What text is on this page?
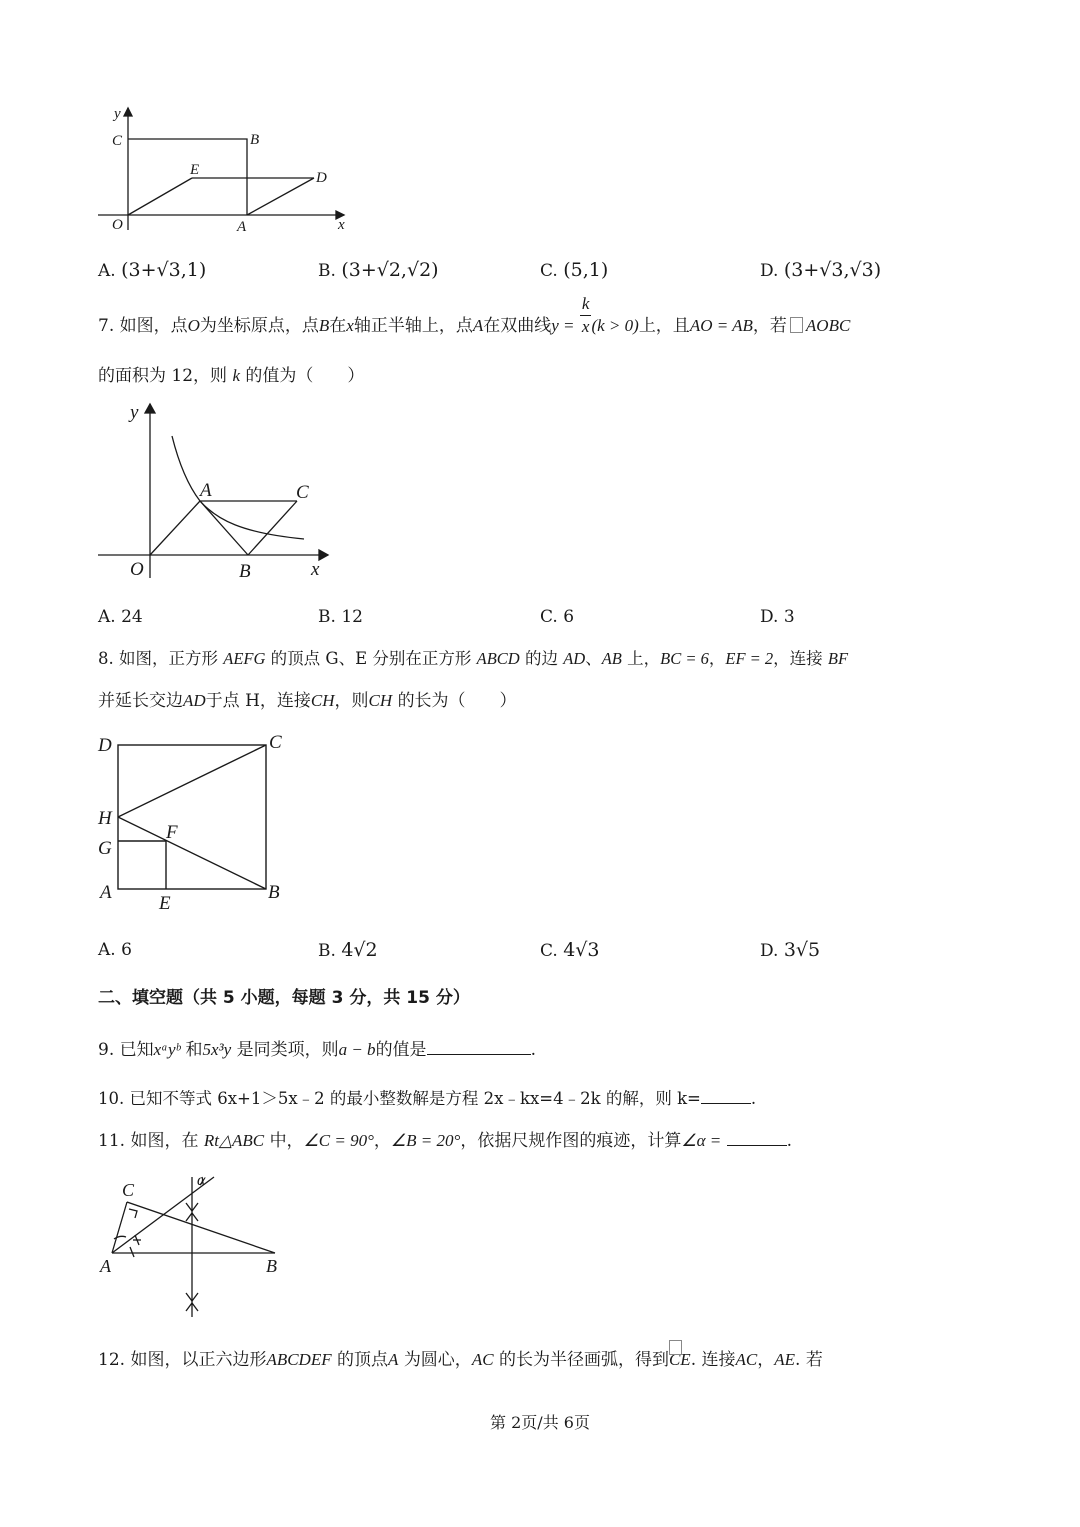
y
C	B
E	D
O	A	x
A. (3+√3,1)	B. (3+√2,√2)	C. (5,1)	D. (3+√3,√3)
7. 如图，点O为坐标原点，点B在x轴正半轴上，点A在双曲线$y = \frac{k}{x} (k > 0)$上，且AO = AB，若 AOBC
的面积为 12，则 k 的值为（　　）
y
A	C
O	B	x
A. 24	B. 12	C. 6	D. 3
8. 如图，正方形 AEFG 的顶点 G、E 分别在正方形 ABCD 的边 AD、AB 上，BC = 6，EF = 2，连接 BF
并延长交边AD于点 H，连接CH，则CH 的长为（　　）
D	C
H
F
G
A
E
B
A. 6	B. 4√2	C. 4√3	D. 3√5
二、填空题（共 5 小题，每题 3 分，共 15 分）
9. 已知xᵃyᵇ 和5x³y 是同类项，则a − b的值是	.
10. 已知不等式 6x+1＞5x﹣2 的最小整数解是方程 2x﹣kx=4﹣2k 的解，则 k=	.
11. 如图，在 Rt△ABC 中，∠C = 90°，∠B = 20°，依据尺规作图的痕迹，计算∠α =	.
C
A	B
α
12. 如图，以正六边形ABCDEF 的顶点A 为圆心，AC 的长为半径画弧，得到
CE. 连接AC，AE. 若
第 2页/共 6页
